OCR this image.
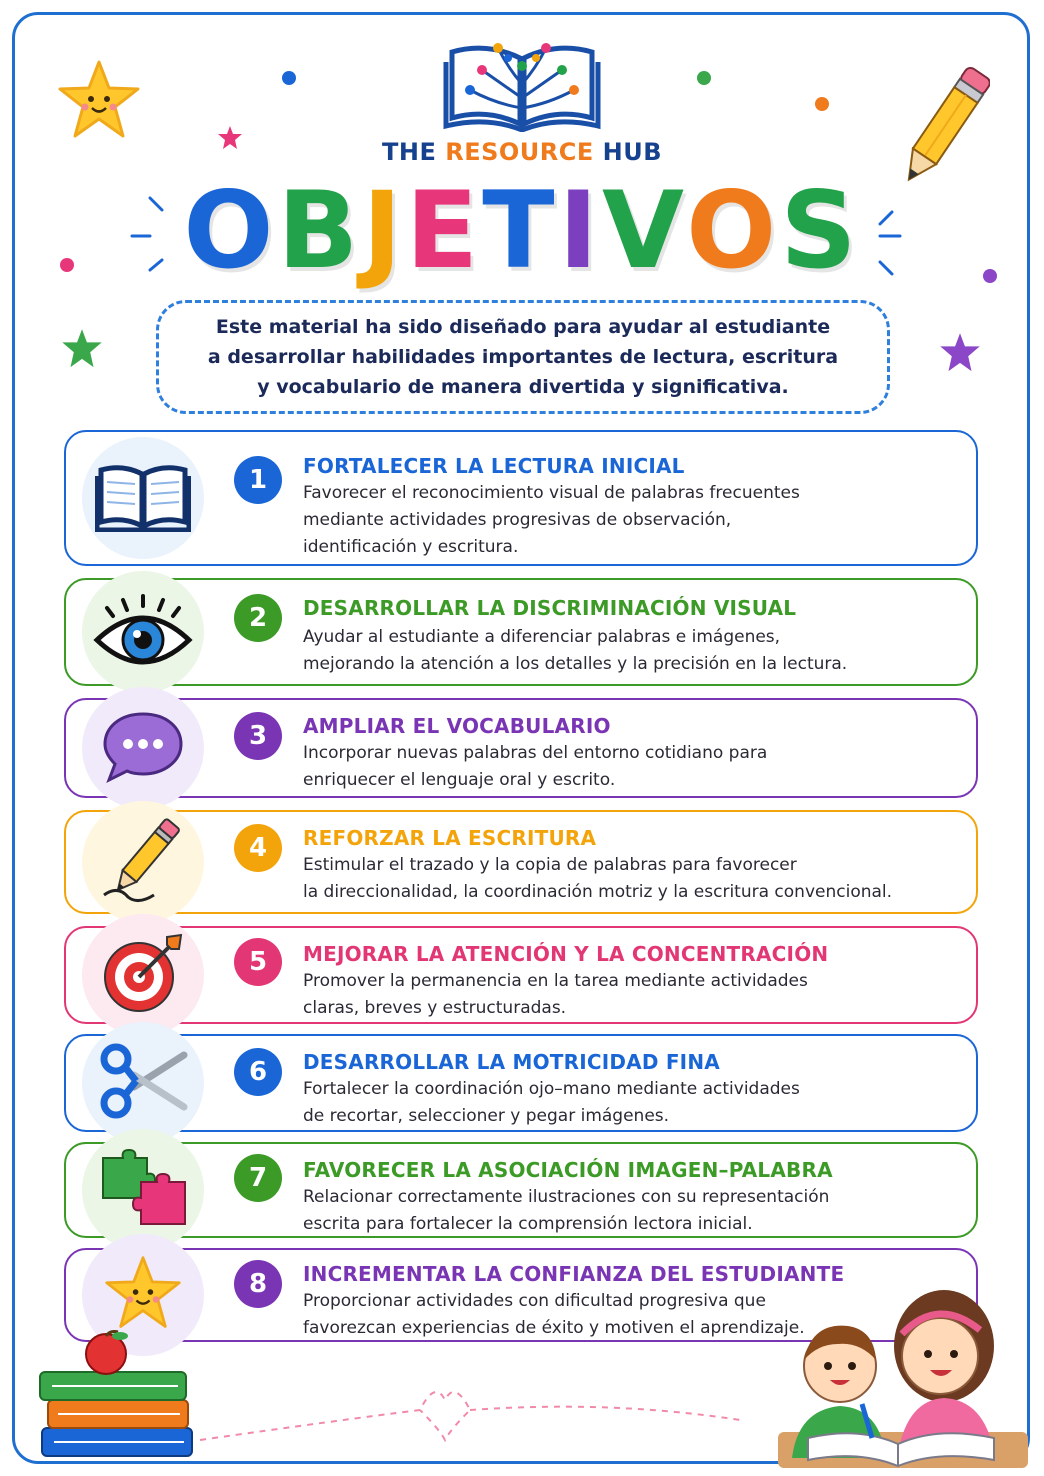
THE RESOURCE HUB
OBJETIVOS
Este material ha sido diseñado para ayudar al estudiante
a desarrollar habilidades importantes de lectura, escritura
y vocabulario de manera divertida y significativa.
1	FORTALECER LA LECTURA INICIAL
Favorecer el reconocimiento visual de palabras frecuentes
mediante actividades progresivas de observación,
identificación y escritura.
2	DESARROLLAR LA DISCRIMINACIÓN VISUAL
Ayudar al estudiante a diferenciar palabras e imágenes,
mejorando la atención a los detalles y la precisión en la lectura.
3	AMPLIAR EL VOCABULARIO
Incorporar nuevas palabras del entorno cotidiano para
enriquecer el lenguaje oral y escrito.
4	REFORZAR LA ESCRITURA
Estimular el trazado y la copia de palabras para favorecer
la direccionalidad, la coordinación motriz y la escritura convencional.
5	MEJORAR LA ATENCIÓN Y LA CONCENTRACIÓN
Promover la permanencia en la tarea mediante actividades
claras, breves y estructuradas.
6	DESARROLLAR LA MOTRICIDAD FINA
Fortalecer la coordinación ojo–mano mediante actividades
de recortar, seleccioner y pegar imágenes.
7	FAVORECER LA ASOCIACIÓN IMAGEN–PALABRA
Relacionar correctamente ilustraciones con su representación
escrita para fortalecer la comprensión lectora inicial.
8	INCREMENTAR LA CONFIANZA DEL ESTUDIANTE
Proporcionar actividades con dificultad progresiva que
favorezcan experiencias de éxito y motiven el aprendizaje.
